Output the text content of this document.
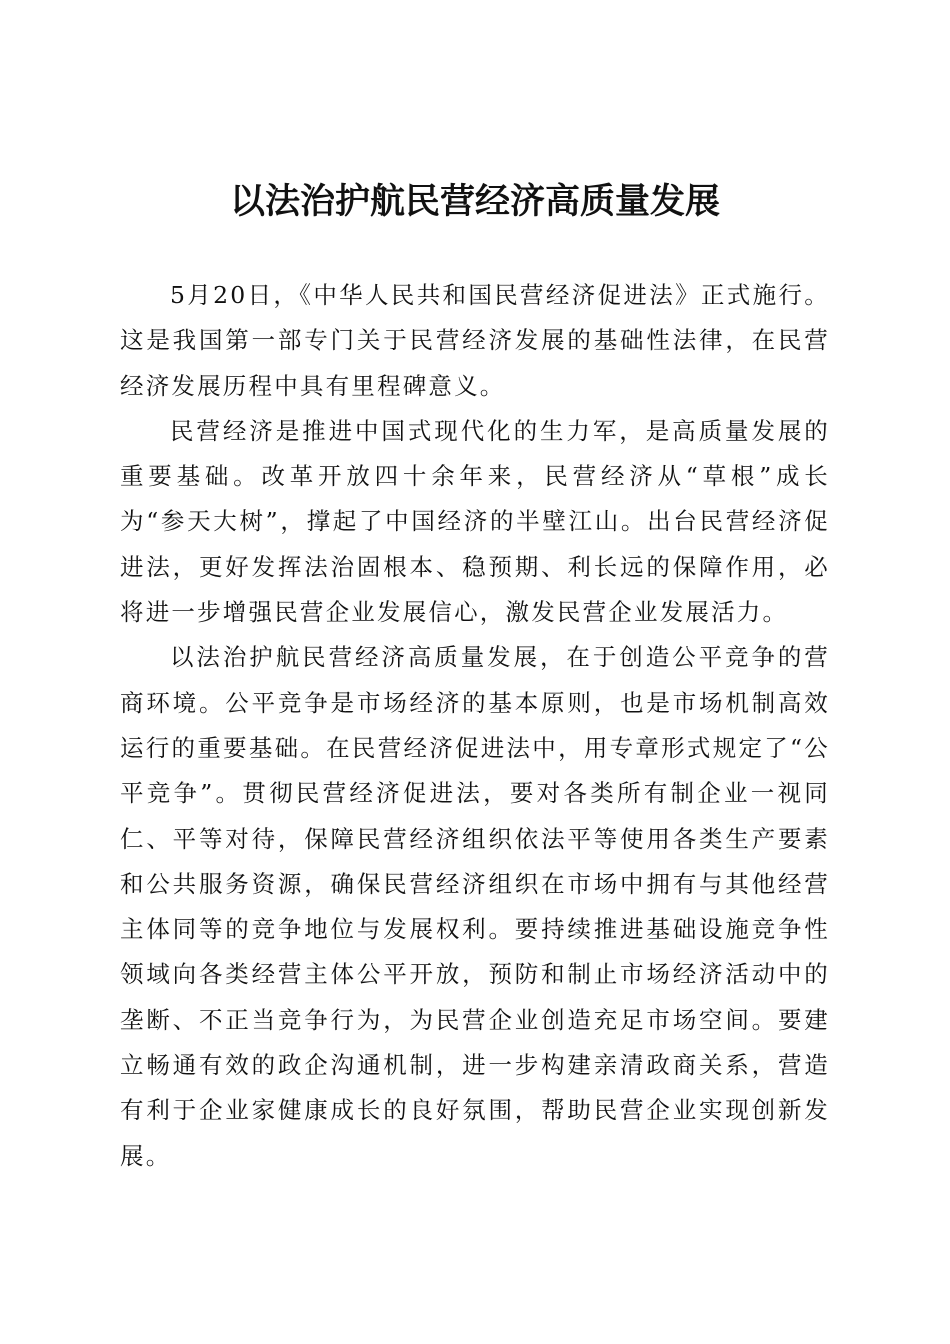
以法治护航民营经济高质量发展

5月20日，《中华人民共和国民营经济促进法》正式施行。这是我国第一部专门关于民营经济发展的基础性法律，在民营经济发展历程中具有里程碑意义。

民营经济是推进中国式现代化的生力军，是高质量发展的重要基础。改革开放四十余年来，民营经济从“草根”成长为“参天大树”，撑起了中国经济的半壁江山。出台民营经济促进法，更好发挥法治固根本、稳预期、利长远的保障作用，必将进一步增强民营企业发展信心，激发民营企业发展活力。

以法治护航民营经济高质量发展，在于创造公平竞争的营商环境。公平竞争是市场经济的基本原则，也是市场机制高效运行的重要基础。在民营经济促进法中，用专章形式规定了“公平竞争”。贯彻民营经济促进法，要对各类所有制企业一视同仁、平等对待，保障民营经济组织依法平等使用各类生产要素和公共服务资源，确保民营经济组织在市场中拥有与其他经营主体同等的竞争地位与发展权利。要持续推进基础设施竞争性领域向各类经营主体公平开放，预防和制止市场经济活动中的垄断、不正当竞争行为，为民营企业创造充足市场空间。要建立畅通有效的政企沟通机制，进一步构建亲清政商关系，营造有利于企业家健康成长的良好氛围，帮助民营企业实现创新发展。
